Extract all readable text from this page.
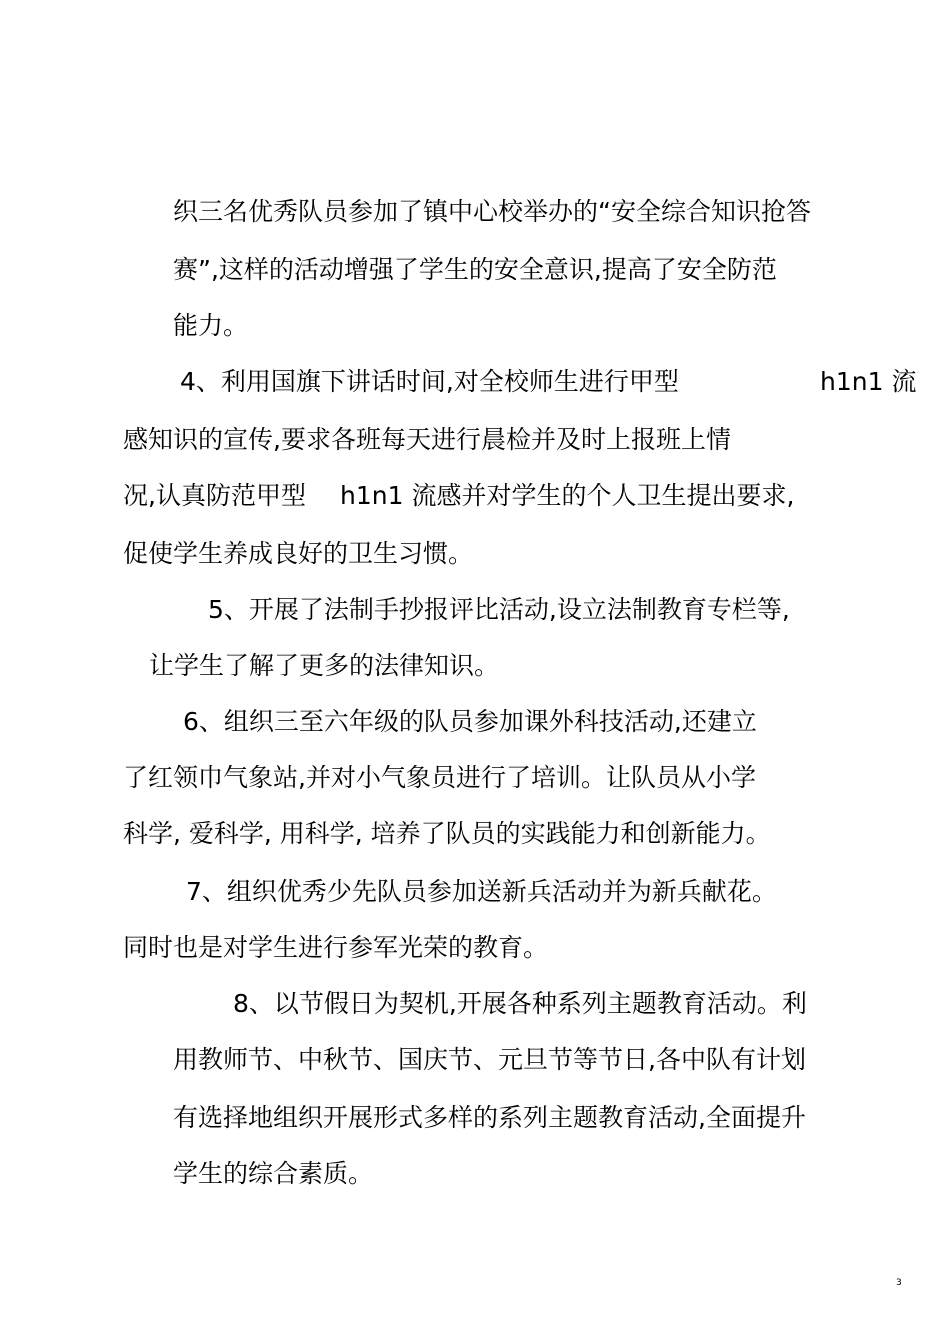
织三名优秀队员参加了镇中心校举办的“安全综合知识抢答
赛”,这样的活动增强了学生的安全意识,提高了安全防范
能力。
4、利用国旗下讲话时间,对全校师生进行甲型	h1n1 流
感知识的宣传,要求各班每天进行晨检并及时上报班上情
况,认真防范甲型 h1n1 流感并对学生的个人卫生提出要求,
促使学生养成良好的卫生习惯。
5、开展了法制手抄报评比活动,设立法制教育专栏等,
让学生了解了更多的法律知识。
6、组织三至六年级的队员参加课外科技活动,还建立
了红领巾气象站,并对小气象员进行了培训。让队员从小学
科学, 爱科学, 用科学, 培养了队员的实践能力和创新能力。
7、组织优秀少先队员参加送新兵活动并为新兵献花。
同时也是对学生进行参军光荣的教育。
8、以节假日为契机,开展各种系列主题教育活动。利
用教师节、中秋节、国庆节、元旦节等节日,各中队有计划
有选择地组织开展形式多样的系列主题教育活动,全面提升
学生的综合素质。
3
